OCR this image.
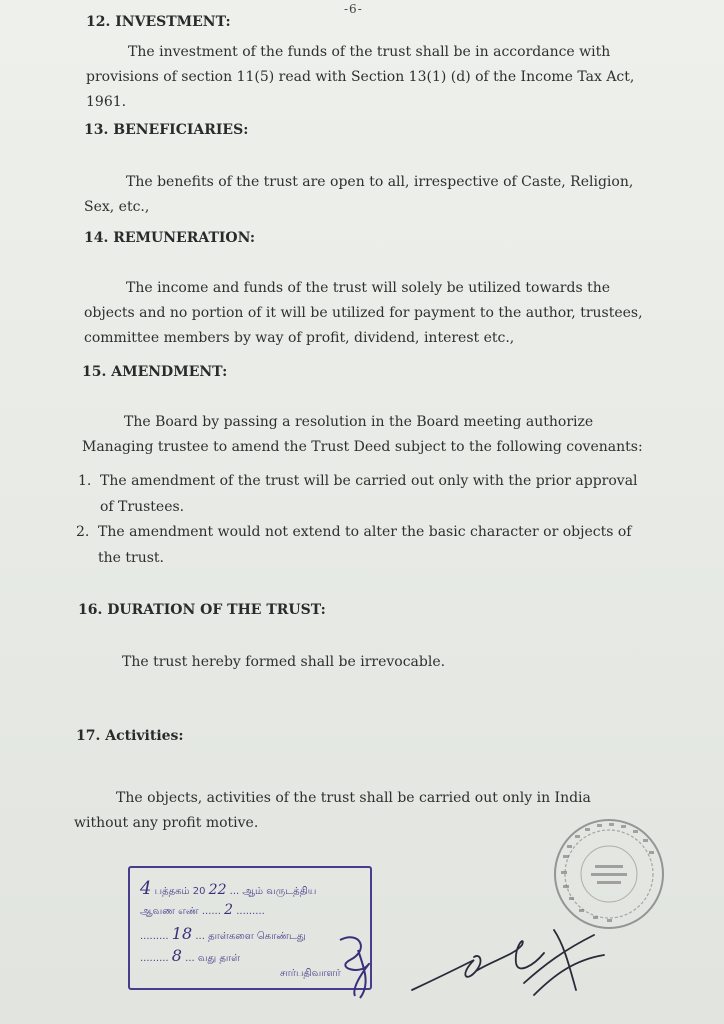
-6-
12. INVESTMENT:
The investment of the funds of the trust shall be in accordance with
provisions of section 11(5) read with Section 13(1) (d) of the Income Tax Act,
1961.
13. BENEFICIARIES:
The benefits of the trust are open to all, irrespective of Caste, Religion,
Sex, etc.,
14. REMUNERATION:
The income and funds of the trust will solely be utilized towards the
objects and no portion of it will be utilized for payment to the author, trustees,
committee members by way of profit, dividend, interest etc.,
15. AMENDMENT:
The Board by passing a resolution in the Board meeting authorize
Managing trustee to amend the Trust Deed subject to the following covenants:
1. The amendment of the trust will be carried out only with the prior approval
of Trustees.
2. The amendment would not extend to alter the basic character or objects of
the trust.
16. DURATION OF THE TRUST:
The trust hereby formed shall be irrevocable.
17. Activities:
The objects, activities of the trust shall be carried out only in India
without any profit motive.
4 பத்தகம் 20 22 ... ஆம் வருடத்திய
ஆவண எண் ...... 2 .........
......... 18 ... தாள்களை கொண்டது
......... 8 ... வது தாள்
சார்பதிவாளர்
